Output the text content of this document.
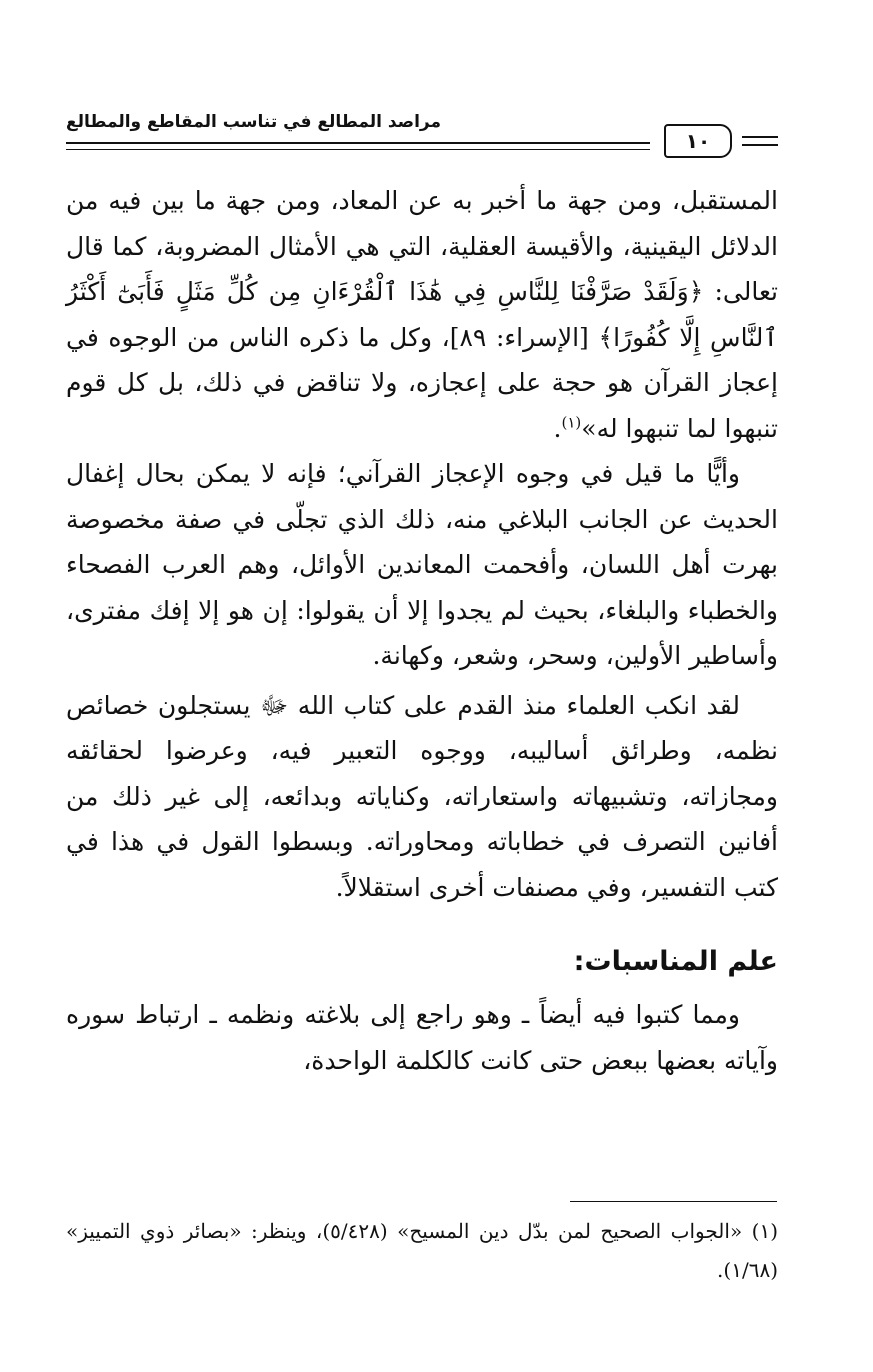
مراصد المطالع في تناسب المقاطع والمطالع
١٠

المستقبل، ومن جهة ما أخبر به عن المعاد، ومن جهة ما بين فيه من الدلائل اليقينية، والأقيسة العقلية، التي هي الأمثال المضروبة، كما قال تعالى: ﴿وَلَقَدْ صَرَّفْنَا لِلنَّاسِ فِي هَٰذَا ٱلْقُرْءَانِ مِن كُلِّ مَثَلٍ فَأَبَىٰٓ أَكْثَرُ ٱلنَّاسِ إِلَّا كُفُورًا﴾ [الإسراء: ٨٩]، وكل ما ذكره الناس من الوجوه في إعجاز القرآن هو حجة على إعجازه، ولا تناقض في ذلك، بل كل قوم تنبهوا لما تنبهوا له»$^{(١)}$.

وأيًّا ما قيل في وجوه الإعجاز القرآني؛ فإنه لا يمكن بحال إغفال الحديث عن الجانب البلاغي منه، ذلك الذي تجلّى في صفة مخصوصة بهرت أهل اللسان، وأفحمت المعاندين الأوائل، وهم العرب الفصحاء والخطباء والبلغاء، بحيث لم يجدوا إلا أن يقولوا: إن هو إلا إفك مفترى، وأساطير الأولين، وسحر، وشعر، وكهانة.

لقد انكب العلماء منذ القدم على كتاب الله ﷻ يستجلون خصائص نظمه، وطرائق أساليبه، ووجوه التعبير فيه، وعرضوا لحقائقه ومجازاته، وتشبيهاته واستعاراته، وكناياته وبدائعه، إلى غير ذلك من أفانين التصرف في خطاباته ومحاوراته. وبسطوا القول في هذا في كتب التفسير، وفي مصنفات أخرى استقلالاً.

علم المناسبات:

ومما كتبوا فيه أيضاً ـ وهو راجع إلى بلاغته ونظمه ـ ارتباط سوره وآياته بعضها ببعض حتى كانت كالكلمة الواحدة،

(١) «الجواب الصحيح لمن بدّل دين المسيح» (٥/٤٢٨)، وينظر: «بصائر ذوي التمييز» (١/٦٨).
